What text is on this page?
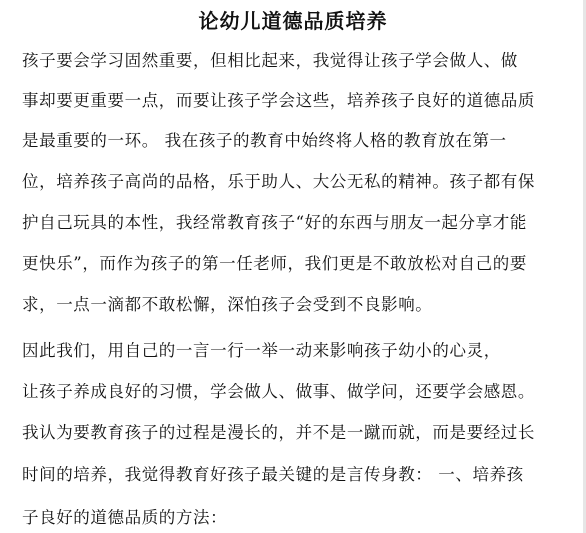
论幼儿道德品质培养
孩子要会学习固然重要，但相比起来，我觉得让孩子学会做人、做
事却要更重要一点，而要让孩子学会这些，培养孩子良好的道德品质
是最重要的一环。 我在孩子的教育中始终将人格的教育放在第一
位，培养孩子高尚的品格，乐于助人、大公无私的精神。孩子都有保
护自己玩具的本性，我经常教育孩子“好的东西与朋友一起分享才能
更快乐”，而作为孩子的第一任老师，我们更是不敢放松对自己的要
求，一点一滴都不敢松懈，深怕孩子会受到不良影响。
因此我们，用自己的一言一行一举一动来影响孩子幼小的心灵，
让孩子养成良好的习惯，学会做人、做事、做学问，还要学会感恩。
我认为要教育孩子的过程是漫长的，并不是一蹴而就，而是要经过长
时间的培养，我觉得教育好孩子最关键的是言传身教： 一、培养孩
子良好的道德品质的方法：
